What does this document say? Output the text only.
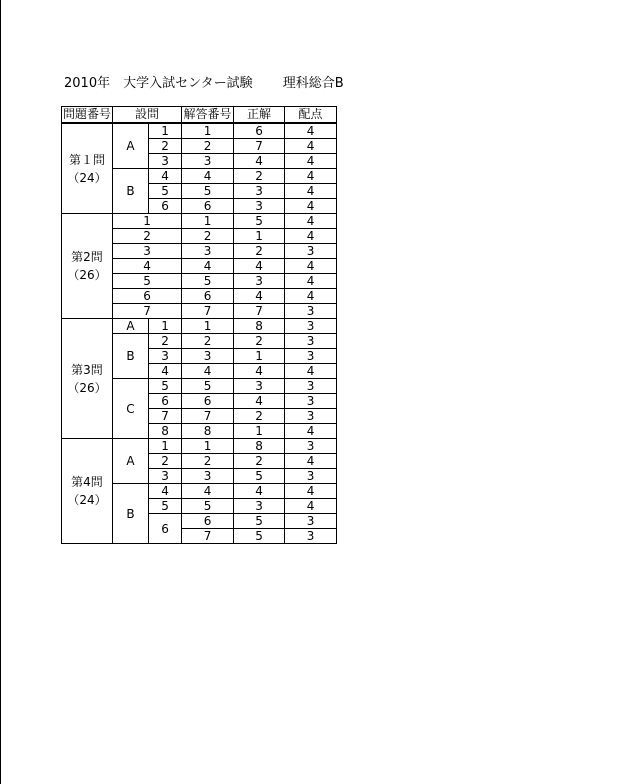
2010年　大学入試センター試験　　 理科総合B
問題番号	設問		解答番号	正解	配点

第１問
（24）	A	1	1	6	4
		2	2	7	4
		3	3	4	4
	B	4	4	2	4
		5	5	3	4
		6	6	3	4

第2問
（26）	1		1	5	4
	2		2	1	4
	3		3	2	3
	4		4	4	4
	5		5	3	4
	6		6	4	4
	7		7	7	3

第3問
（26）	A	1	1	8	3
	B	2	2	2	3
		3	3	1	3
		4	4	4	4
	C	5	5	3	3
		6	6	4	3
		7	7	2	3
		8	8	1	4

第4問
（24）	A	1	1	8	3
		2	2	2	4
		3	3	5	3
	B	4	4	4	4
		5	5	3	4
		6	6	5	3
			7	5	3
